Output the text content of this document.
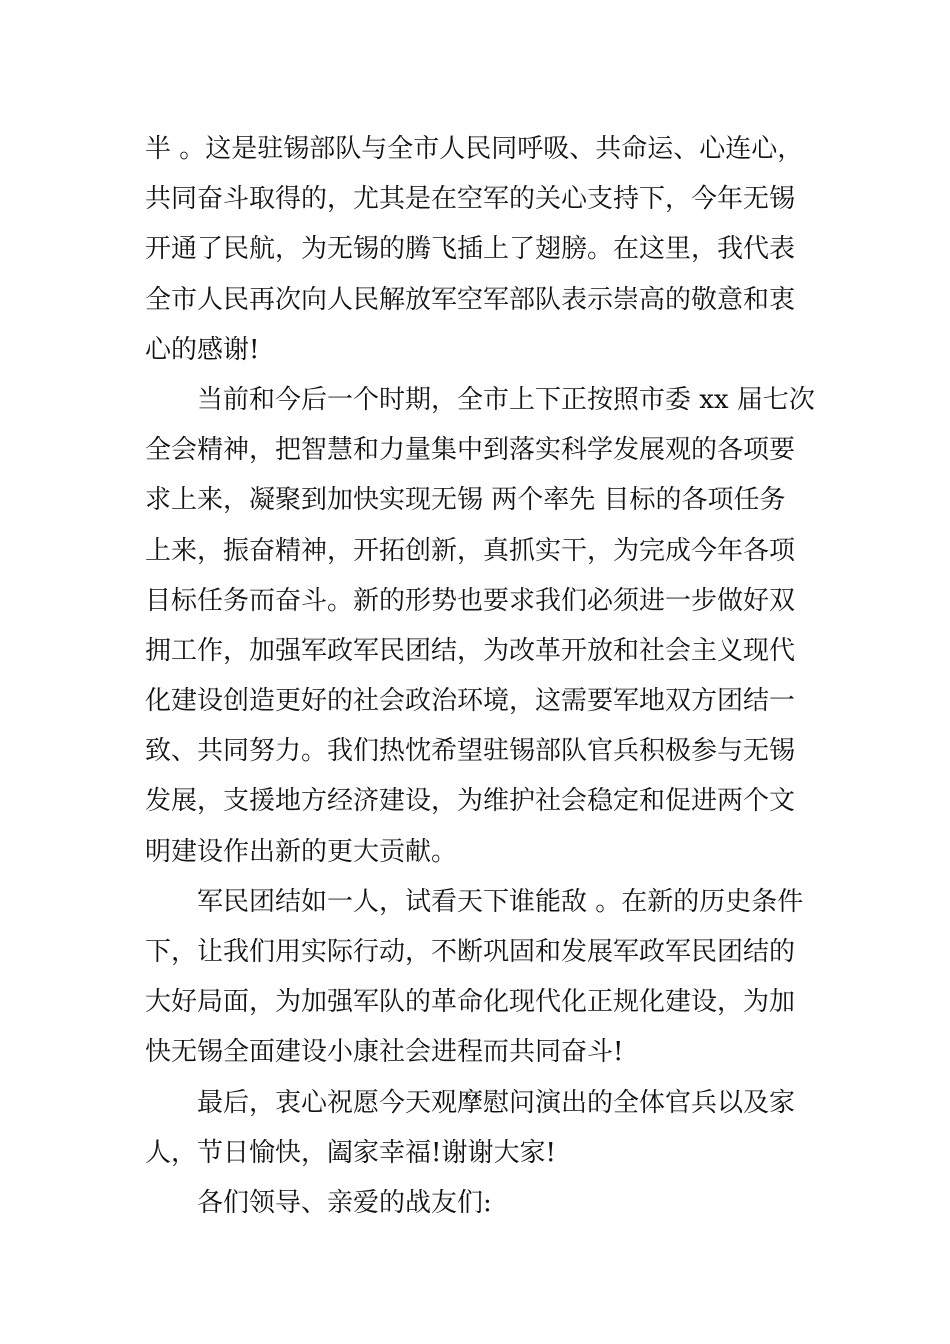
半 。这是驻锡部队与全市人民同呼吸、共命运、心连心，
共同奋斗取得的，尤其是在空军的关心支持下，今年无锡
开通了民航，为无锡的腾飞插上了翅膀。在这里，我代表
全市人民再次向人民解放军空军部队表示崇高的敬意和衷
心的感谢!
当前和今后一个时期，全市上下正按照市委 xx 届七次
全会精神，把智慧和力量集中到落实科学发展观的各项要
求上来，凝聚到加快实现无锡 两个率先 目标的各项任务
上来，振奋精神，开拓创新，真抓实干，为完成今年各项
目标任务而奋斗。新的形势也要求我们必须进一步做好双
拥工作，加强军政军民团结，为改革开放和社会主义现代
化建设创造更好的社会政治环境，这需要军地双方团结一
致、共同努力。我们热忱希望驻锡部队官兵积极参与无锡
发展，支援地方经济建设，为维护社会稳定和促进两个文
明建设作出新的更大贡献。
军民团结如一人，试看天下谁能敌 。在新的历史条件
下，让我们用实际行动，不断巩固和发展军政军民团结的
大好局面，为加强军队的革命化现代化正规化建设，为加
快无锡全面建设小康社会进程而共同奋斗!
最后，衷心祝愿今天观摩慰问演出的全体官兵以及家
人，节日愉快，阖家幸福!谢谢大家!
各们领导、亲爱的战友们:
